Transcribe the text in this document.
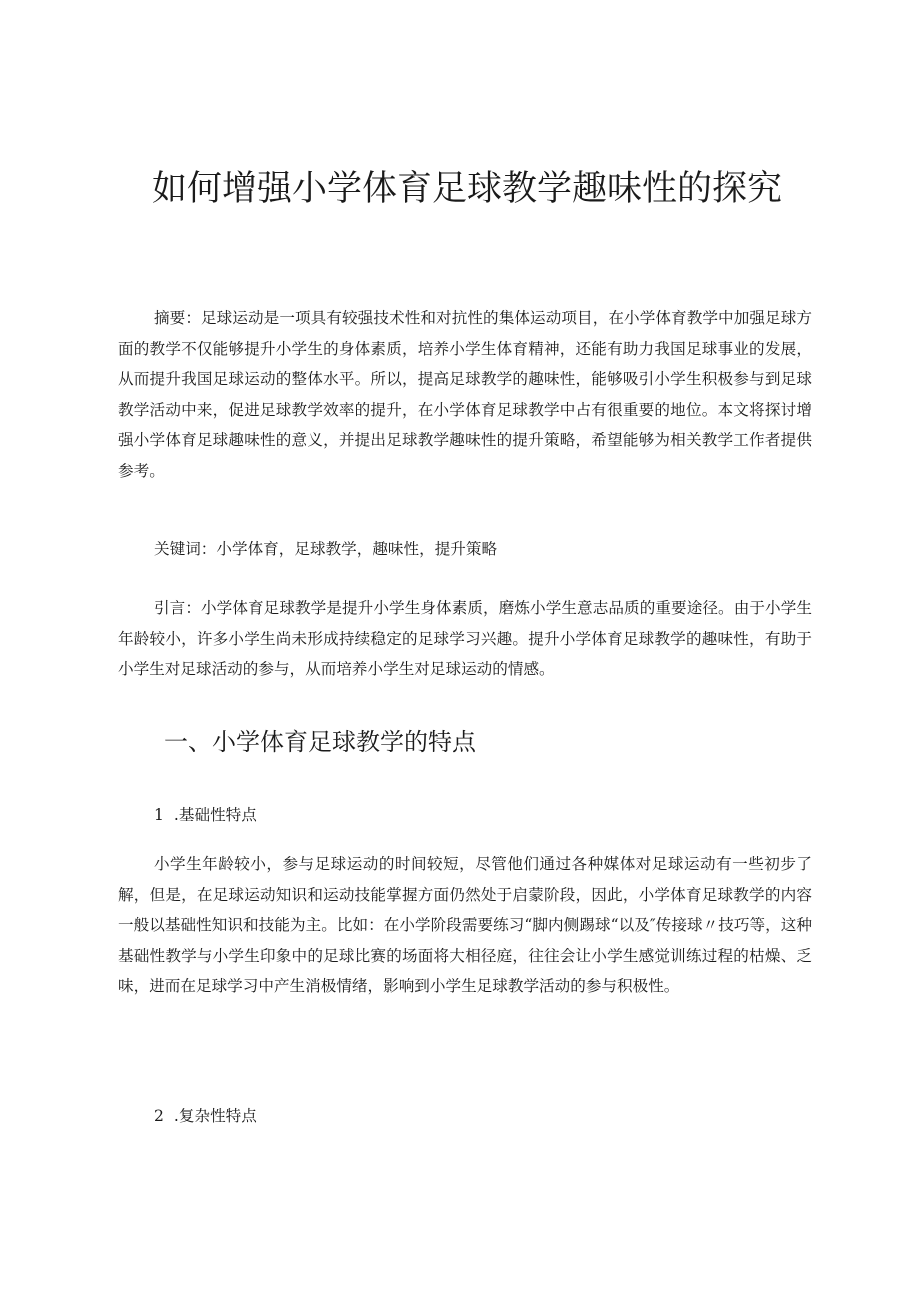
如何增强小学体育足球教学趣味性的探究

摘要：足球运动是一项具有较强技术性和对抗性的集体运动项目，在小学体育教学中加强足球方面的教学不仅能够提升小学生的身体素质，培养小学生体育精神，还能有助力我国足球事业的发展，从而提升我国足球运动的整体水平。所以，提高足球教学的趣味性，能够吸引小学生积极参与到足球教学活动中来，促进足球教学效率的提升，在小学体育足球教学中占有很重要的地位。本文将探讨增强小学体育足球趣味性的意义，并提出足球教学趣味性的提升策略，希望能够为相关教学工作者提供参考。

关键词：小学体育，足球教学，趣味性，提升策略

引言：小学体育足球教学是提升小学生身体素质，磨炼小学生意志品质的重要途径。由于小学生年龄较小，许多小学生尚未形成持续稳定的足球学习兴趣。提升小学体育足球教学的趣味性，有助于小学生对足球活动的参与，从而培养小学生对足球运动的情感。

一、小学体育足球教学的特点

1 .基础性特点

小学生年龄较小，参与足球运动的时间较短，尽管他们通过各种媒体对足球运动有一些初步了解，但是，在足球运动知识和运动技能掌握方面仍然处于启蒙阶段，因此，小学体育足球教学的内容一般以基础性知识和技能为主。比如：在小学阶段需要练习“脚内侧踢球“以及″传接球〃技巧等，这种基础性教学与小学生印象中的足球比赛的场面将大相径庭，往往会让小学生感觉训练过程的枯燥、乏味，进而在足球学习中产生消极情绪，影响到小学生足球教学活动的参与积极性。

2 .复杂性特点
